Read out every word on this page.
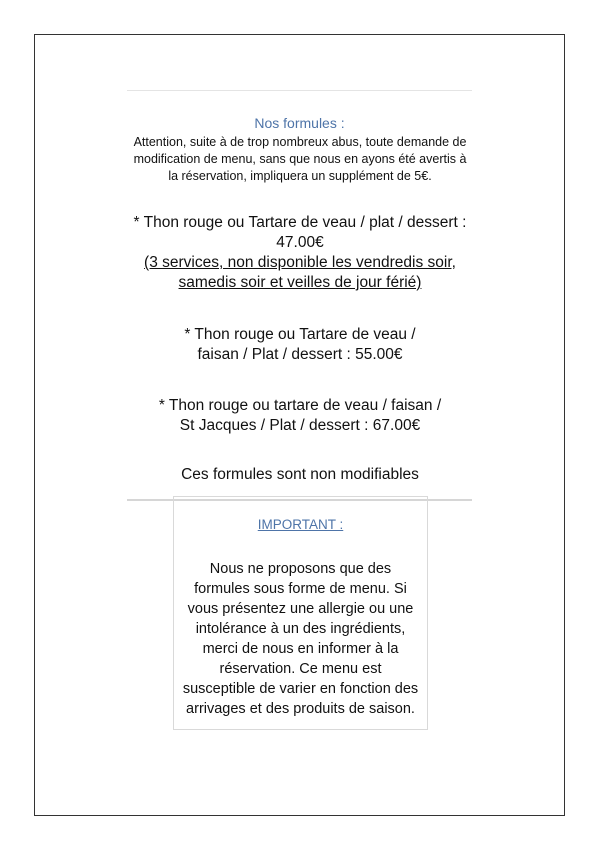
Nos formules :
Attention, suite à de trop nombreux abus, toute demande de modification de menu, sans que nous en ayons été avertis à la réservation, impliquera un supplément de 5€.
* Thon rouge ou Tartare de veau / plat / dessert :
47.00€
(3 services, non disponible les vendredis soir, samedis soir et veilles de jour férié)
* Thon rouge ou Tartare de veau /
faisan / Plat / dessert : 55.00€
* Thon rouge ou tartare de veau / faisan /
St Jacques / Plat / dessert : 67.00€
Ces formules sont non modifiables
IMPORTANT :
Nous ne proposons que des formules sous forme de menu. Si vous présentez une allergie ou une intolérance à un des ingrédients, merci de nous en informer à la réservation. Ce menu est susceptible de varier en fonction des arrivages et des produits de saison.
